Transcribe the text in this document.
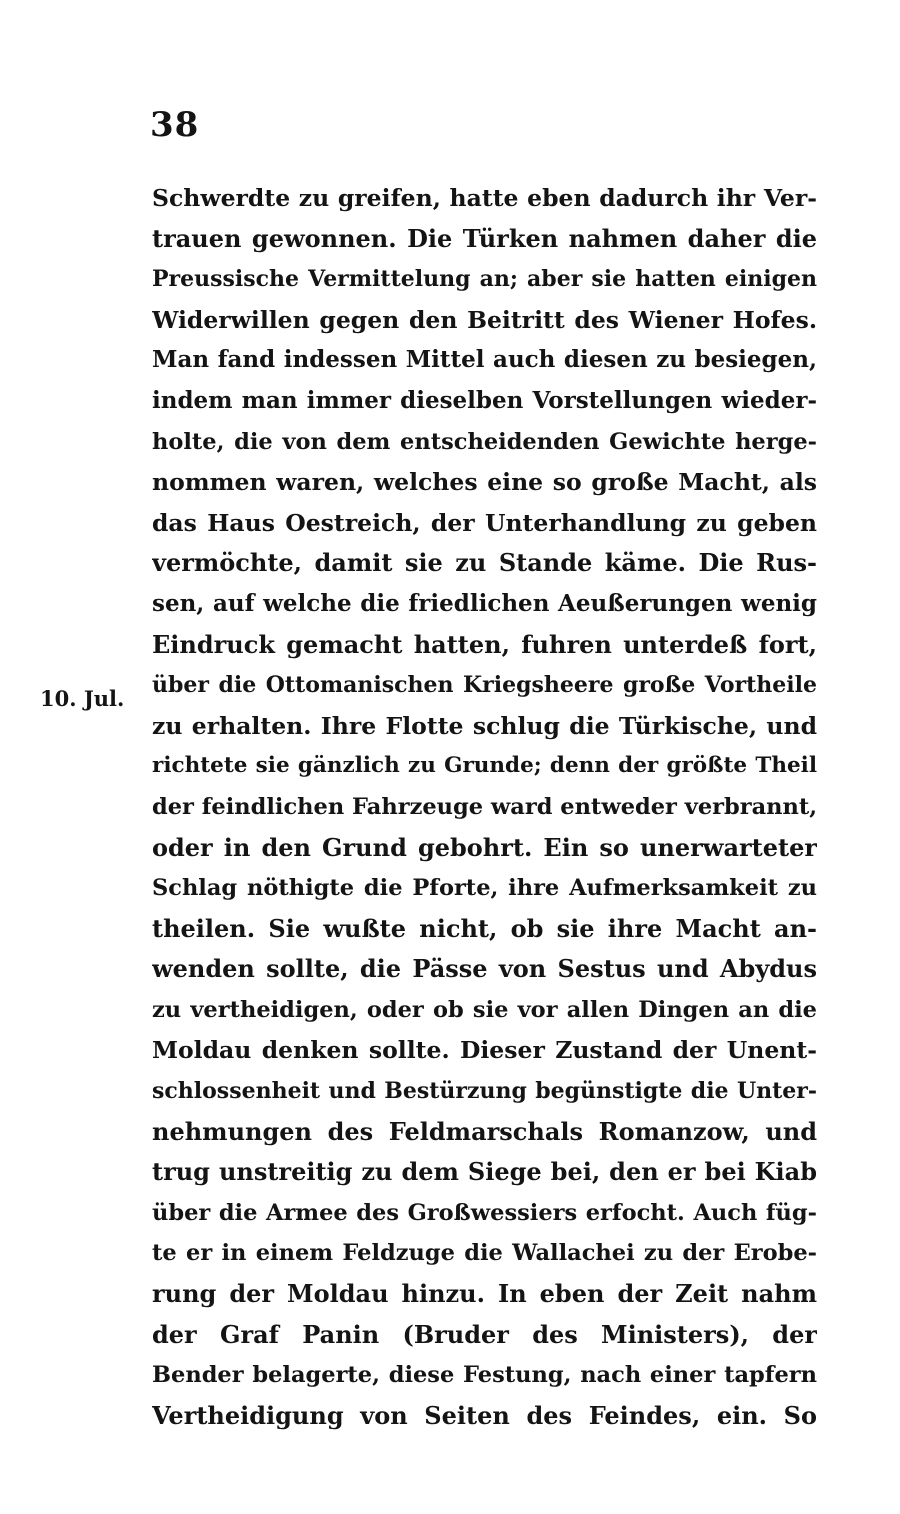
38
10. Jul.
Schwerdte zu greifen, hatte eben dadurch ihr Ver-
trauen gewonnen. Die Türken nahmen daher die
Preussische Vermittelung an; aber sie hatten einigen
Widerwillen gegen den Beitritt des Wiener Hofes.
Man fand indessen Mittel auch diesen zu besiegen,
indem man immer dieselben Vorstellungen wieder-
holte, die von dem entscheidenden Gewichte herge-
nommen waren, welches eine so große Macht, als
das Haus Oestreich, der Unterhandlung zu geben
vermöchte, damit sie zu Stande käme. Die Rus-
sen, auf welche die friedlichen Aeußerungen wenig
Eindruck gemacht hatten, fuhren unterdeß fort,
über die Ottomanischen Kriegsheere große Vortheile
zu erhalten. Ihre Flotte schlug die Türkische, und
richtete sie gänzlich zu Grunde; denn der größte Theil
der feindlichen Fahrzeuge ward entweder verbrannt,
oder in den Grund gebohrt. Ein so unerwarteter
Schlag nöthigte die Pforte, ihre Aufmerksamkeit zu
theilen. Sie wußte nicht, ob sie ihre Macht an-
wenden sollte, die Pässe von Sestus und Abydus
zu vertheidigen, oder ob sie vor allen Dingen an die
Moldau denken sollte. Dieser Zustand der Unent-
schlossenheit und Bestürzung begünstigte die Unter-
nehmungen des Feldmarschals Romanzow, und
trug unstreitig zu dem Siege bei, den er bei Kiab
über die Armee des Großwessiers erfocht. Auch füg-
te er in einem Feldzuge die Wallachei zu der Erobe-
rung der Moldau hinzu. In eben der Zeit nahm
der Graf Panin (Bruder des Ministers), der
Bender belagerte, diese Festung, nach einer tapfern
Vertheidigung von Seiten des Feindes, ein. So
